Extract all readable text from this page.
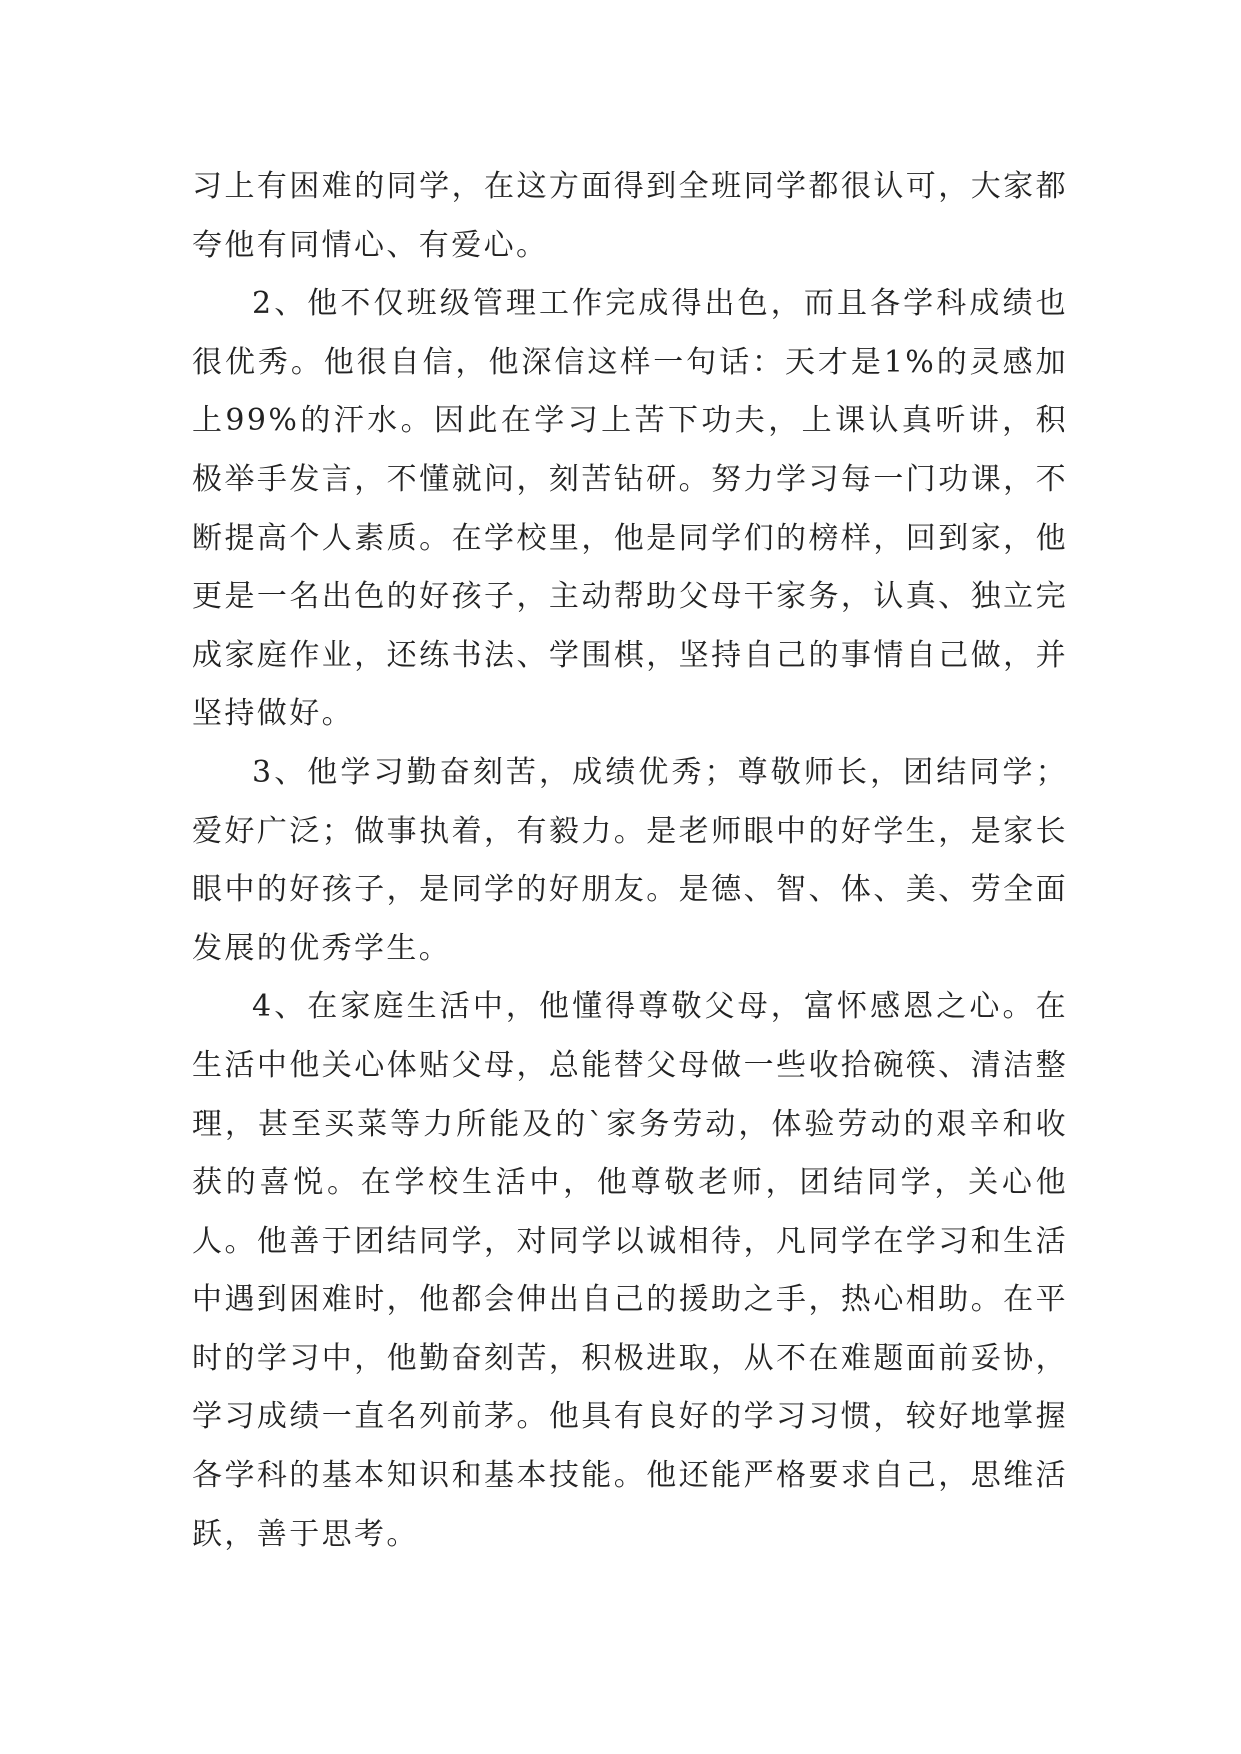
习上有困难的同学，在这方面得到全班同学都很认可，大家都夸他有同情心、有爱心。

2、他不仅班级管理工作完成得出色，而且各学科成绩也很优秀。他很自信，他深信这样一句话：天才是1%的灵感加上99%的汗水。因此在学习上苦下功夫，上课认真听讲，积极举手发言，不懂就问，刻苦钻研。努力学习每一门功课，不断提高个人素质。在学校里，他是同学们的榜样，回到家，他更是一名出色的好孩子，主动帮助父母干家务，认真、独立完成家庭作业，还练书法、学围棋，坚持自己的事情自己做，并坚持做好。

3、他学习勤奋刻苦，成绩优秀；尊敬师长，团结同学；爱好广泛；做事执着，有毅力。是老师眼中的好学生，是家长眼中的好孩子，是同学的好朋友。是德、智、体、美、劳全面发展的优秀学生。

4、在家庭生活中，他懂得尊敬父母，富怀感恩之心。在生活中他关心体贴父母，总能替父母做一些收拾碗筷、清洁整理，甚至买菜等力所能及的`家务劳动，体验劳动的艰辛和收获的喜悦。在学校生活中，他尊敬老师，团结同学，关心他人。他善于团结同学，对同学以诚相待，凡同学在学习和生活中遇到困难时，他都会伸出自己的援助之手，热心相助。在平时的学习中，他勤奋刻苦，积极进取，从不在难题面前妥协，学习成绩一直名列前茅。他具有良好的学习习惯，较好地掌握各学科的基本知识和基本技能。他还能严格要求自己，思维活跃，善于思考。
